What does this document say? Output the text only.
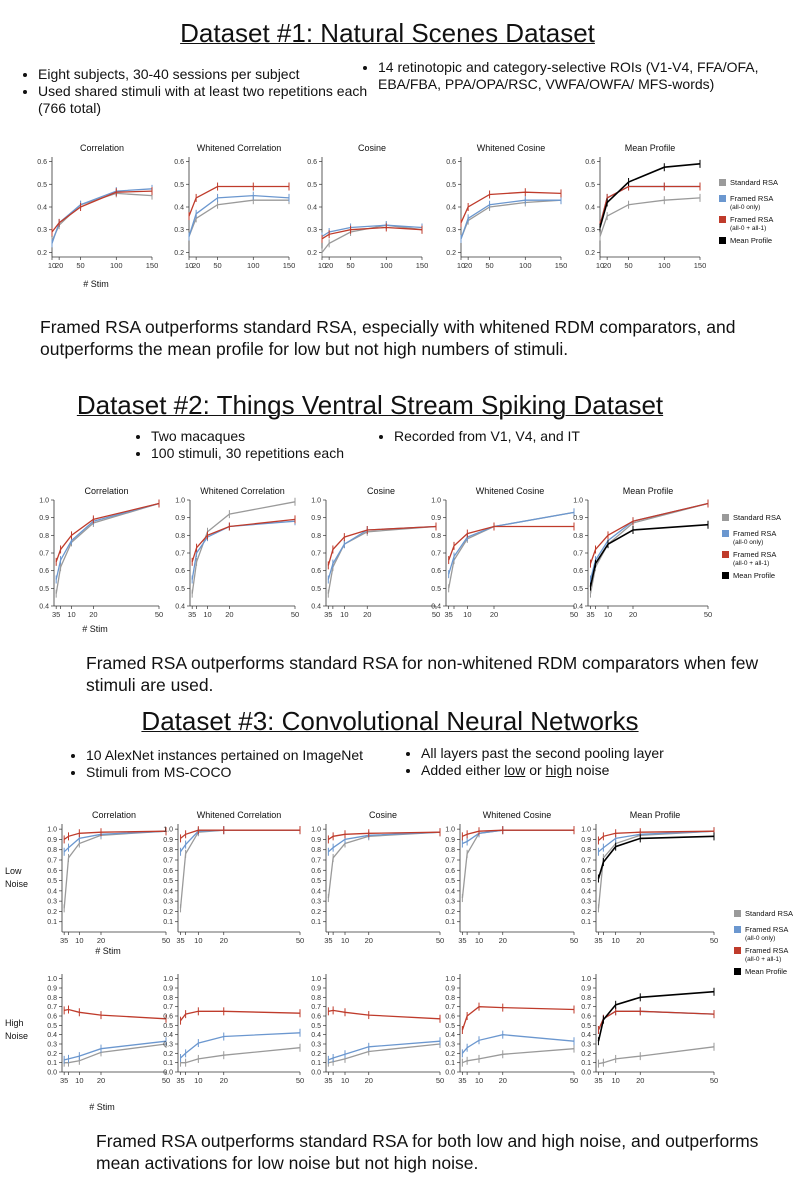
Dataset #1: Natural Scenes Dataset
• Eight subjects, 30-40 sessions per subject
• Used shared stimuli with at least two repetitions each (766 total)
• 14 retinotopic and category-selective ROIs (V1-V4, FFA/OFA, EBA/FBA, PPA/OPA/RSC, VWFA/OWFA/ MFS-words)
0.2
0.3
0.4
0.5
0.6
10
20 50	100	150
Correlation
0.2
0.3
0.4
0.5
0.6
10
20 50	100	150
Whitened Correlation
0.2
0.3
0.4
0.5
0.6
10
20 50	100	150
Cosine
0.2
0.3
0.4
0.5
0.6
10
20 50	100	150
Whitened Cosine
0.2
0.3
0.4
0.5
0.6
10
20 50	100	150
Mean Profile
# Stim
Standard RSA
Framed RSA
(all-0 only)
Framed RSA
(all-0 + all-1)
Mean Profile
Framed RSA outperforms standard RSA, especially with whitened RDM comparators, and outperforms the mean profile for low but not high numbers of stimuli.
Dataset #2: Things Ventral Stream Spiking Dataset
• Two macaques
• 100 stimuli, 30 repetitions each
• Recorded from V1, V4, and IT
0.4
0.5
0.6
0.7
0.8
0.9
1.0
35 10 20	50
Correlation
0.4
0.5
0.6
0.7
0.8
0.9
1.0
35 10 20	50
Whitened Correlation
0.4
0.5
0.6
0.7
0.8
0.9
1.0
35 10 20	50
Cosine
0.4
0.5
0.6
0.7
0.8
0.9
1.0
35 10 20	50
Whitened Cosine
0.4
0.5
0.6
0.7
0.8
0.9
1.0
35 10 20	50
Mean Profile
# Stim
Standard RSA
Framed RSA
(all-0 only)
Framed RSA
(all-0 + all-1)
Mean Profile
Framed RSA outperforms standard RSA for non-whitened RDM comparators when few stimuli are used.
Dataset #3: Convolutional Neural Networks
• 10 AlexNet instances pertained on ImageNet
• Stimuli from MS-COCO
• All layers past the second pooling layer
• Added either low or high noise
0.1
0.2
0.3
0.4
0.5
0.6
0.7
0.8
0.9
1.0
35 10 20	50
Correlation
0.1
0.2
0.3
0.4
0.5
0.6
0.7
0.8
0.9
1.0
35 10 20	50
Whitened Correlation
0.1
0.2
0.3
0.4
0.5
0.6
0.7
0.8
0.9
1.0
35 10 20	50
Cosine
0.1
0.2
0.3
0.4
0.5
0.6
0.7
0.8
0.9
1.0
35 10 20	50
Whitened Cosine
0.1
0.2
0.3
0.4
0.5
0.6
0.7
0.8
0.9
1.0
35 10 20	50
Mean Profile
0.0
0.1
0.2
0.3
0.4
0.5
0.6
0.7
0.8
0.9
1.0
35 10 20	50
0.0
0.1
0.2
0.3
0.4
0.5
0.6
0.7
0.8
0.9
1.0
35 10 20	50
0.0
0.1
0.2
0.3
0.4
0.5
0.6
0.7
0.8
0.9
1.0
35 10 20	50
0.0
0.1
0.2
0.3
0.4
0.5
0.6
0.7
0.8
0.9
1.0
35 10 20	50
0.0
0.1
0.2
0.3
0.4
0.5
0.6
0.7
0.8
0.9
1.0
35 10 20	50
Low
Noise
High
Noise
# Stim
# Stim
Standard RSA
Framed RSA
(all-0 only)
Framed RSA
(all-0 + all-1)
Mean Profile
Framed RSA outperforms standard RSA for both low and high noise, and outperforms mean activations for low noise but not high noise.
